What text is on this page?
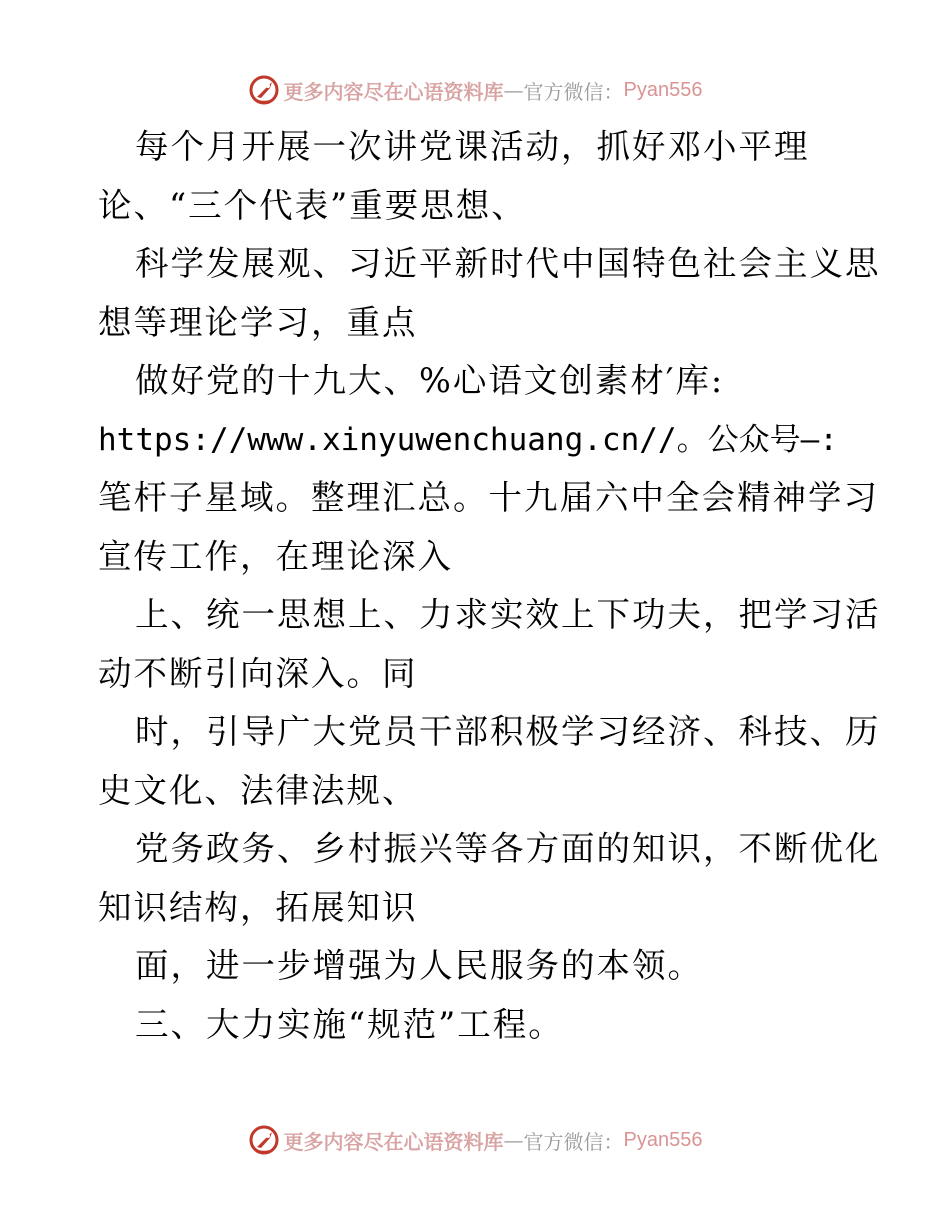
更多内容尽在心语资料库 — 官方微信： Pyan556
每个月开展一次讲党课活动，抓好邓小平理
论、“三个代表”重要思想、
科学发展观、习近平新时代中国特色社会主义思
想等理论学习，重点
做好党的十九大、%心语文创素材′库:
https://www.xinyuwenchuang.cn//。公众号—:
笔杆子星域。整理汇总。十九届六中全会精神学习
宣传工作，在理论深入
上、统一思想上、力求实效上下功夫，把学习活
动不断引向深入。同
时，引导广大党员干部积极学习经济、科技、历
史文化、法律法规、
党务政务、乡村振兴等各方面的知识，不断优化
知识结构，拓展知识
面，进一步增强为人民服务的本领。
三、大力实施“规范”工程。
更多内容尽在心语资料库 — 官方微信： Pyan556
